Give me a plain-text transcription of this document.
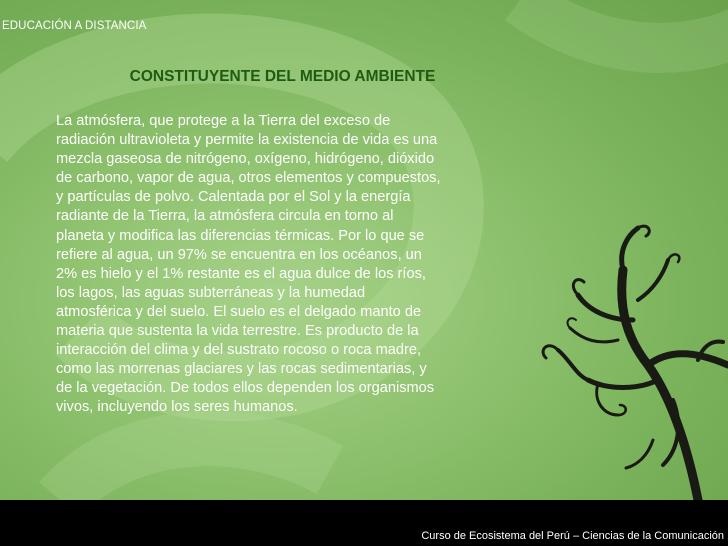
EDUCACIÓN A DISTANCIA
CONSTITUYENTE DEL MEDIO AMBIENTE
La atmósfera, que protege a la Tierra del exceso de
radiación ultravioleta y permite la existencia de vida es una
mezcla gaseosa de nitrógeno, oxígeno, hidrógeno, dióxido
de carbono, vapor de agua, otros elementos y compuestos,
y partículas de polvo. Calentada por el Sol y la energía
radiante de la Tierra, la atmósfera circula en torno al
planeta y modifica las diferencias térmicas. Por lo que se
refiere al agua, un 97% se encuentra en los océanos, un
2% es hielo y el 1% restante es el agua dulce de los ríos,
los lagos, las aguas subterráneas y la humedad
atmosférica y del suelo. El suelo es el delgado manto de
materia que sustenta la vida terrestre. Es producto de la
interacción del clima y del sustrato rocoso o roca madre,
como las morrenas glaciares y las rocas sedimentarias, y
de la vegetación. De todos ellos dependen los organismos
vivos, incluyendo los seres humanos.
Curso de Ecosistema del Perú – Ciencias de la Comunicación
